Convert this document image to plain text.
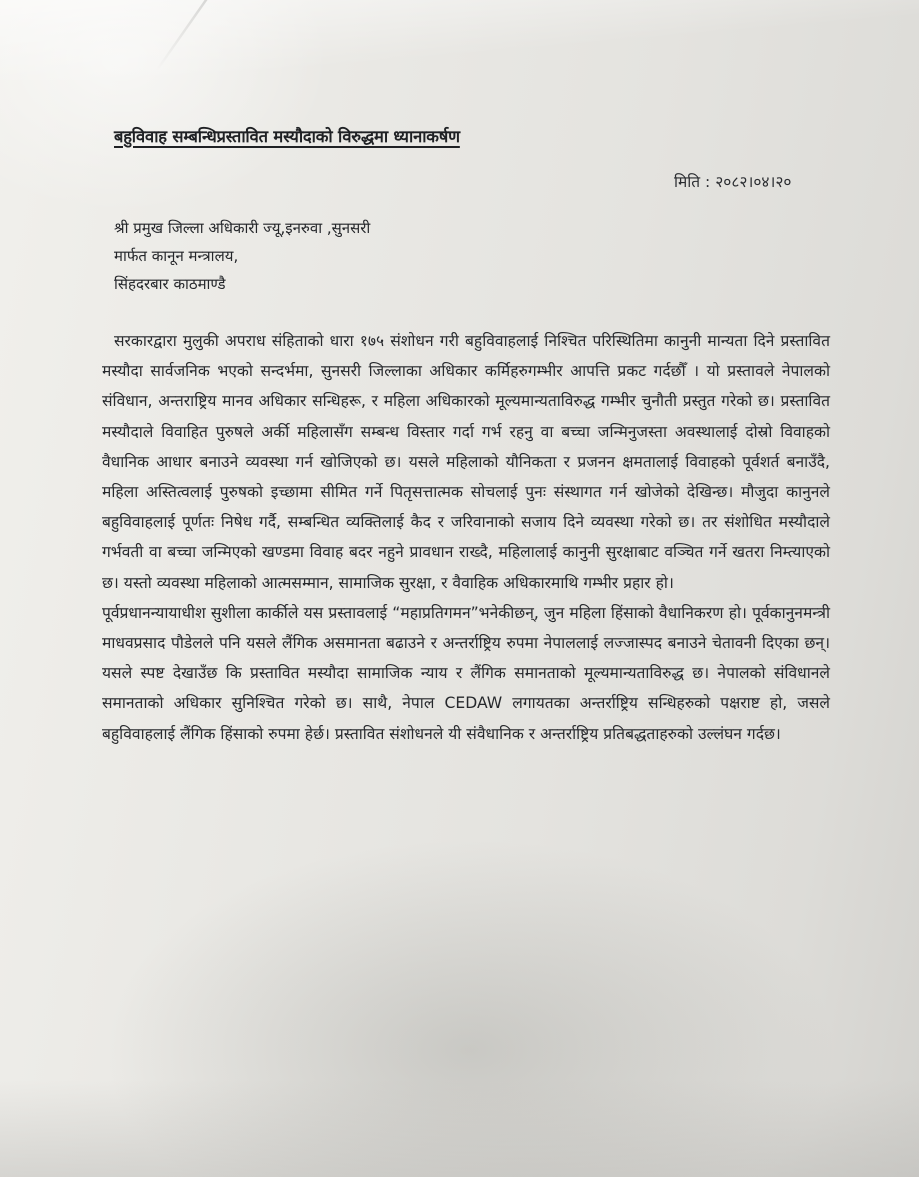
बहुविवाह सम्बन्धिप्रस्तावित मस्यौदाको विरुद्धमा ध्यानाकर्षण
मिति : २०८२।०४।२०
श्री प्रमुख जिल्ला अधिकारी ज्यू,इनरुवा ,सुनसरी
मार्फत कानून मन्त्रालय,
सिंहदरबार काठमाण्डै

सरकारद्वारा मुलुकी अपराध संहिताको धारा १७५ संशोधन गरी बहुविवाहलाई निश्चित परिस्थितिमा कानुनी मान्यता दिने प्रस्तावित मस्यौदा सार्वजनिक भएको सन्दर्भमा, सुनसरी जिल्लाका अधिकार कर्मिहरुगम्भीर आपत्ति प्रकट गर्दछौँ । यो प्रस्तावले नेपालको संविधान, अन्तराष्ट्रिय मानव अधिकार सन्धिहरू, र महिला अधिकारको मूल्यमान्यताविरुद्ध गम्भीर चुनौती प्रस्तुत गरेको छ। प्रस्तावित मस्यौदाले विवाहित पुरुषले अर्की महिलासँग सम्बन्ध विस्तार गर्दा गर्भ रहनु वा बच्चा जन्मिनुजस्ता अवस्थालाई दोस्रो विवाहको वैधानिक आधार बनाउने व्यवस्था गर्न खोजिएको छ। यसले महिलाको यौनिकता र प्रजनन क्षमतालाई विवाहको पूर्वशर्त बनाउँदै, महिला अस्तित्वलाई पुरुषको इच्छामा सीमित गर्ने पितृसत्तात्मक सोचलाई पुनः संस्थागत गर्न खोजेको देखिन्छ। मौजुदा कानुनले बहुविवाहलाई पूर्णतः निषेध गर्दै, सम्बन्धित व्यक्तिलाई कैद र जरिवानाको सजाय दिने व्यवस्था गरेको छ। तर संशोधित मस्यौदाले गर्भवती वा बच्चा जन्मिएको खण्डमा विवाह बदर नहुने प्रावधान राख्दै, महिलालाई कानुनी सुरक्षाबाट वञ्चित गर्ने खतरा निम्त्याएको छ। यस्तो व्यवस्था महिलाको आत्मसम्मान, सामाजिक सुरक्षा, र वैवाहिक अधिकारमाथि गम्भीर प्रहार हो।

पूर्वप्रधानन्यायाधीश सुशीला कार्कीले यस प्रस्तावलाई “महाप्रतिगमन”भनेकीछन्, जुन महिला हिंसाको वैधानिकरण हो। पूर्वकानुनमन्त्री माधवप्रसाद पौडेलले पनि यसले लैंगिक असमानता बढाउने र अन्तर्राष्ट्रिय रुपमा नेपाललाई लज्जास्पद बनाउने चेतावनी दिएका छन्। यसले स्पष्ट देखाउँछ कि प्रस्तावित मस्यौदा सामाजिक न्याय र लैंगिक समानताको मूल्यमान्यताविरुद्ध छ। नेपालको संविधानले समानताको अधिकार सुनिश्चित गरेको छ। साथै, नेपाल CEDAW लगायतका अन्तर्राष्ट्रिय सन्धिहरुको पक्षराष्ट हो, जसले बहुविवाहलाई लैंगिक हिंसाको रुपमा हेर्छ। प्रस्तावित संशोधनले यी संवैधानिक र अन्तर्राष्ट्रिय प्रतिबद्धताहरुको उल्लंघन गर्दछ।
